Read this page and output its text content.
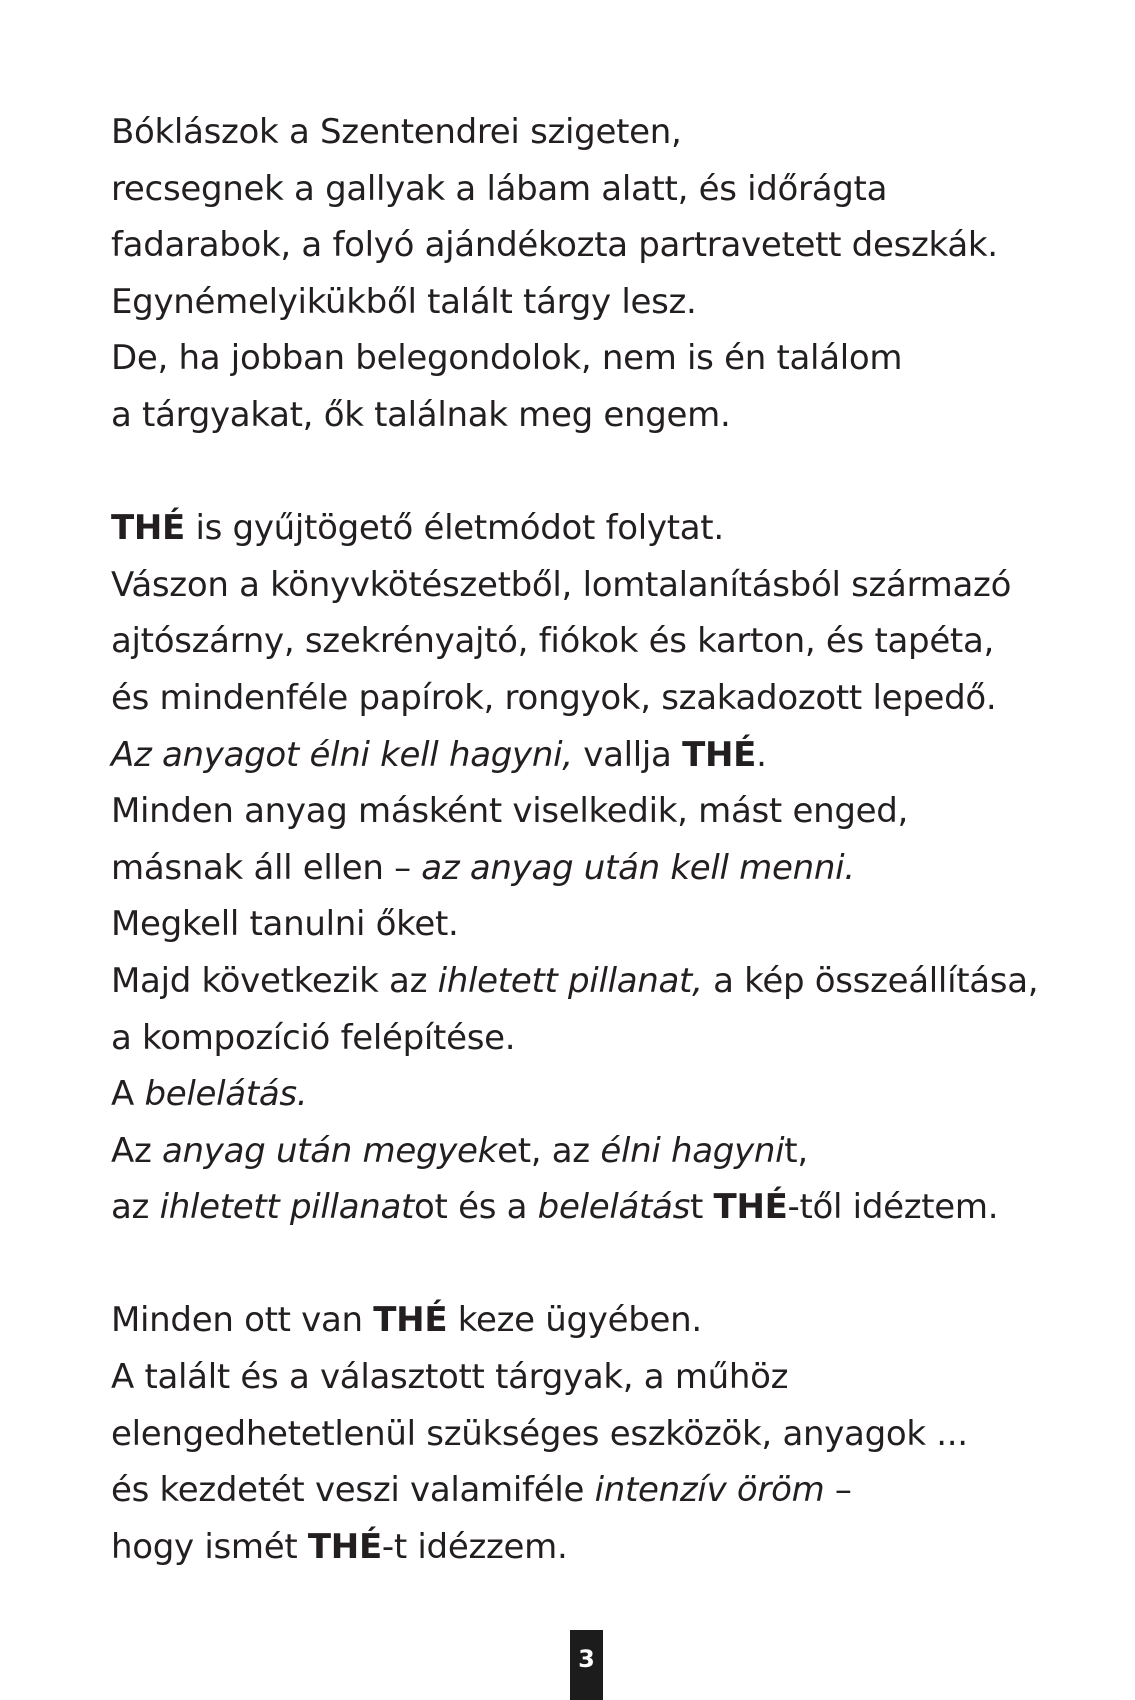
Bóklászok a Szentendrei szigeten,
recsegnek a gallyak a lábam alatt, és időrágta
fadarabok, a folyó ajándékozta partravetett deszkák.
Egynémelyikükből talált tárgy lesz.
De, ha jobban belegondolok, nem is én találom
a tárgyakat, ők találnak meg engem.
THÉ is gyűjtögető életmódot folytat.
Vászon a könyvkötészetből, lomtalanításból származó
ajtószárny, szekrényajtó, fiókok és karton, és tapéta,
és mindenféle papírok, rongyok, szakadozott lepedő.
Az anyagot élni kell hagyni, vallja THÉ.
Minden anyag másként viselkedik, mást enged,
másnak áll ellen – az anyag után kell menni.
Megkell tanulni őket.
Majd következik az ihletett pillanat, a kép összeállítása,
a kompozíció felépítése.
A belelátás.
Az anyag után megyeket, az élni hagynit,
az ihletett pillanatot és a belelátást THÉ-től idéztem.
Minden ott van THÉ keze ügyében.
A talált és a választott tárgyak, a műhöz
elengedhetetlenül szükséges eszközök, anyagok ...
és kezdetét veszi valamiféle intenzív öröm –
hogy ismét THÉ-t idézzem.
3
